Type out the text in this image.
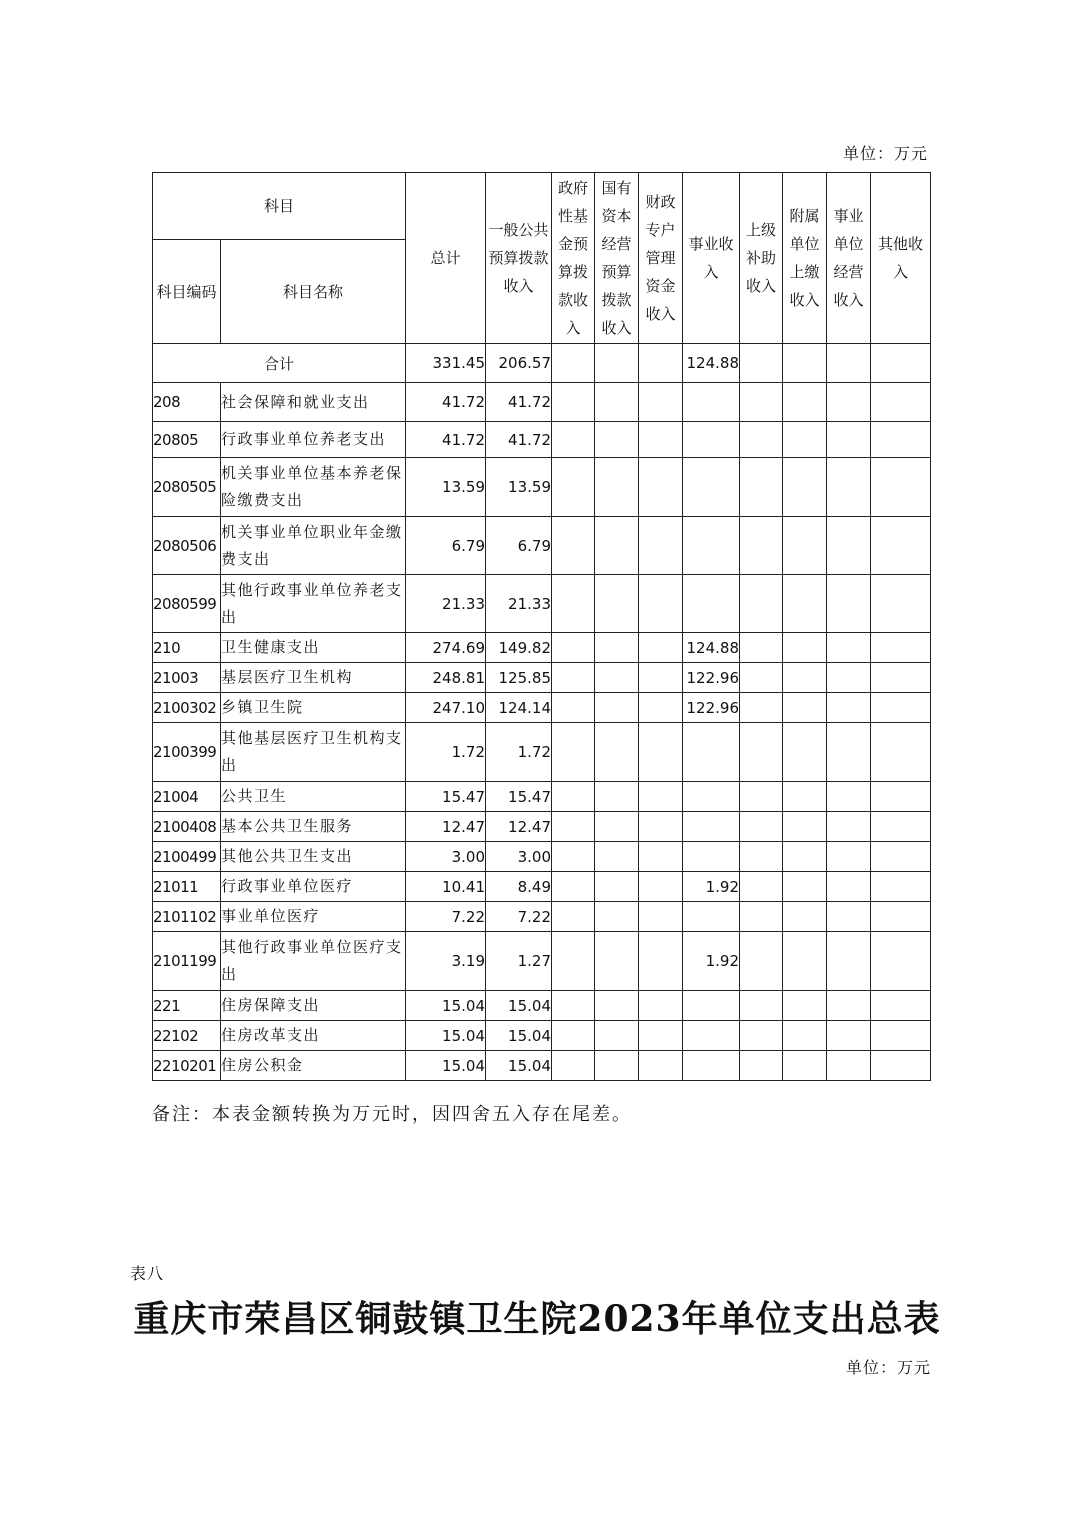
单位：万元
科目		总计	一般公共预算拨款收入	政府性基金预算拨款收入	国有资本经营预算拨款收入	财政专户管理资金收入	事业收入	上级补助收入	附属单位上缴收入	事业单位经营收入	其他收入
科目编码	科目名称										
合计		331.45	206.57				124.88				
208	社会保障和就业支出	41.72	41.72								
20805	行政事业单位养老支出	41.72	41.72								
2080505	机关事业单位基本养老保险缴费支出	13.59	13.59								
2080506	机关事业单位职业年金缴费支出	6.79	6.79								
2080599	其他行政事业单位养老支出	21.33	21.33								
210	卫生健康支出	274.69	149.82				124.88				
21003	基层医疗卫生机构	248.81	125.85				122.96				
2100302	乡镇卫生院	247.10	124.14				122.96				
2100399	其他基层医疗卫生机构支出	1.72	1.72								
21004	公共卫生	15.47	15.47								
2100408	基本公共卫生服务	12.47	12.47								
2100499	其他公共卫生支出	3.00	3.00								
21011	行政事业单位医疗	10.41	8.49				1.92				
2101102	事业单位医疗	7.22	7.22								
2101199	其他行政事业单位医疗支出	3.19	1.27				1.92				
221	住房保障支出	15.04	15.04								
22102	住房改革支出	15.04	15.04								
2210201	住房公积金	15.04	15.04								
备注：本表金额转换为万元时，因四舍五入存在尾差。
表八
重庆市荣昌区铜鼓镇卫生院2023年单位支出总表
单位：万元
